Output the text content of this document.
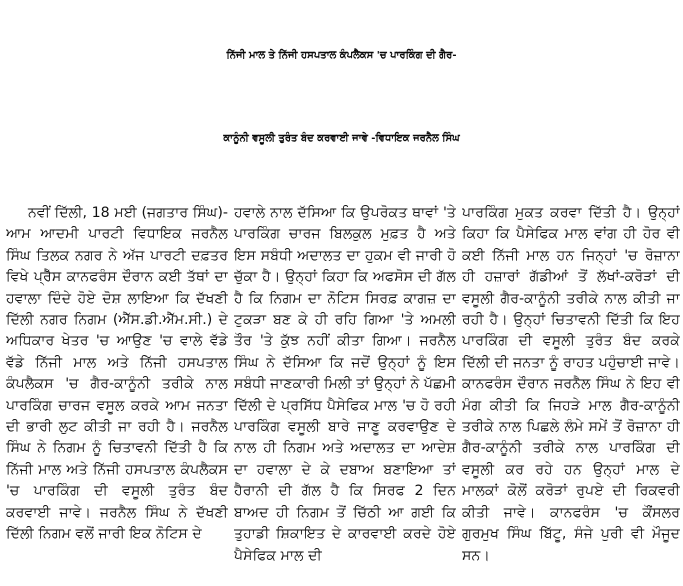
ਨਿੱਜੀ ਮਾਲ ਤੇ ਨਿੱਜੀ ਹਸਪਤਾਲ ਕੰਪਲੈਕਸ 'ਚ ਪਾਰਕਿੰਗ ਦੀ ਗੈਰ-
ਕਾਨੂੰਨੀ ਵਸੂਲੀ ਤੁਰੰਤ ਬੰਦ ਕਰਵਾਈ ਜਾਵੇ -ਵਿਧਾਇਕ ਜਰਨੈਲ ਸਿੰਘ

ਨਵੀਂ ਦਿੱਲੀ, 18 ਮਈ (ਜਗਤਾਰ ਸਿੰਘ)- ਆਮ ਆਦਮੀ ਪਾਰਟੀ ਵਿਧਾਇਕ ਜਰਨੈਲ ਸਿੰਘ ਤਿਲਕ ਨਗਰ ਨੇ ਅੱਜ ਪਾਰਟੀ ਦਫ਼ਤਰ ਵਿਖੇ ਪ੍ਰੈੱਸ ਕਾਨਫਰੰਸ ਦੌਰਾਨ ਕਈ ਤੱਥਾਂ ਦਾ ਹਵਾਲਾ ਦਿੰਦੇ ਹੋਏ ਦੋਸ਼ ਲਾਇਆ ਕਿ ਦੱਖਣੀ ਦਿੱਲੀ ਨਗਰ ਨਿਗਮ (ਐੱਸ.ਡੀ.ਐੱਮ.ਸੀ.) ਦੇ ਅਧਿਕਾਰ ਖੇਤਰ 'ਚ ਆਉਣ 'ਚ ਵਾਲੇ ਵੱਡੇ ਵੱਡੇ ਨਿੱਜੀ ਮਾਲ ਅਤੇ ਨਿੱਜੀ ਹਸਪਤਾਲ ਕੰਪਲੈਕਸ 'ਚ ਗੈਰ-ਕਾਨੂੰਨੀ ਤਰੀਕੇ ਨਾਲ ਪਾਰਕਿੰਗ ਚਾਰਜ ਵਸੂਲ ਕਰਕੇ ਆਮ ਜਨਤਾ ਦੀ ਭਾਰੀ ਲੁਟ ਕੀਤੀ ਜਾ ਰਹੀ ਹੈ। ਜਰਨੈਲ ਸਿੰਘ ਨੇ ਨਿਗਮ ਨੂੰ ਚਿਤਾਵਨੀ ਦਿੱਤੀ ਹੈ ਕਿ ਨਿੱਜੀ ਮਾਲ ਅਤੇ ਨਿੱਜੀ ਹਸਪਤਾਲ ਕੰਪਲੈਕਸ 'ਚ ਪਾਰਕਿੰਗ ਦੀ ਵਸੂਲੀ ਤੁਰੰਤ ਬੰਦ ਕਰਵਾਈ ਜਾਵੇ। ਜਰਨੈਲ ਸਿੰਘ ਨੇ ਦੱਖਣੀ ਦਿੱਲੀ ਨਿਗਮ ਵਲੋਂ ਜਾਰੀ ਇਕ ਨੋਟਿਸ ਦੇ

ਹਵਾਲੇ ਨਾਲ ਦੱਸਿਆ ਕਿ ਉਪਰੋਕਤ ਥਾਵਾਂ 'ਤੇ ਪਾਰਕਿੰਗ ਚਾਰਜ ਬਿਲਕੁਲ ਮੁਫ਼ਤ ਹੈ ਅਤੇ ਇਸ ਸਬੰਧੀ ਅਦਾਲਤ ਦਾ ਹੁਕਮ ਵੀ ਜਾਰੀ ਹੋ ਚੁੱਕਾ ਹੈ। ਉਨ੍ਹਾਂ ਕਿਹਾ ਕਿ ਅਫਸੋਸ ਦੀ ਗੱਲ ਹੈ ਕਿ ਨਿਗਮ ਦਾ ਨੋਟਿਸ ਸਿਰਫ਼ ਕਾਗਜ਼ ਦਾ ਟੁਕੜਾ ਬਣ ਕੇ ਹੀ ਰਹਿ ਗਿਆ 'ਤੇ ਅਮਲੀ ਤੌਰ 'ਤੇ ਕੁੱਝ ਨਹੀਂ ਕੀਤਾ ਗਿਆ। ਜਰਨੈਲ ਸਿੰਘ ਨੇ ਦੱਸਿਆ ਕਿ ਜਦੋਂ ਉਨ੍ਹਾਂ ਨੂੰ ਇਸ ਸਬੰਧੀ ਜਾਣਕਾਰੀ ਮਿਲੀ ਤਾਂ ਉਨ੍ਹਾਂ ਨੇ ਪੱਛਮੀ ਦਿੱਲੀ ਦੇ ਪ੍ਰਸਿੱਧ ਪੈਸੇਫਿਕ ਮਾਲ 'ਚ ਹੋ ਰਹੀ ਪਾਰਕਿੰਗ ਵਸੂਲੀ ਬਾਰੇ ਜਾਣੂ ਕਰਵਾਉਣ ਦੇ ਨਾਲ ਹੀ ਨਿਗਮ ਅਤੇ ਅਦਾਲਤ ਦਾ ਆਦੇਸ਼ ਦਾ ਹਵਾਲਾ ਦੇ ਕੇ ਦਬਾਅ ਬਣਾਇਆ ਤਾਂ ਹੈਰਾਨੀ ਦੀ ਗੱਲ ਹੈ ਕਿ ਸਿਰਫ 2 ਦਿਨ ਬਾਅਦ ਹੀ ਨਿਗਮ ਤੋਂ ਚਿੱਠੀ ਆ ਗਈ ਕਿ ਤੁਹਾਡੀ ਸ਼ਿਕਾਇਤ ਦੇ ਕਾਰਵਾਈ ਕਰਦੇ ਹੋਏ ਪੈਸੇਫਿਕ ਮਾਲ ਦੀ

ਪਾਰਕਿੰਗ ਮੁਕਤ ਕਰਵਾ ਦਿੱਤੀ ਹੈ। ਉਨ੍ਹਾਂ ਕਿਹਾ ਕਿ ਪੈਸੇਫਿਕ ਮਾਲ ਵਾਂਗ ਹੀ ਹੋਰ ਵੀ ਕਈ ਨਿੱਜੀ ਮਾਲ ਹਨ ਜਿਨ੍ਹਾਂ 'ਚ ਰੋਜ਼ਾਨਾ ਹੀ ਹਜ਼ਾਰਾਂ ਗੱਡੀਆਂ ਤੋਂ ਲੱਖਾਂ-ਕਰੋੜਾਂ ਦੀ ਵਸੂਲੀ ਗੈਰ-ਕਾਨੂੰਨੀ ਤਰੀਕੇ ਨਾਲ ਕੀਤੀ ਜਾ ਰਹੀ ਹੈ। ਉਨ੍ਹਾਂ ਚਿਤਾਵਨੀ ਦਿੱਤੀ ਕਿ ਇਹ ਪਾਰਕਿੰਗ ਦੀ ਵਸੂਲੀ ਤੁਰੰਤ ਬੰਦ ਕਰਕੇ ਦਿੱਲੀ ਦੀ ਜਨਤਾ ਨੂੰ ਰਾਹਤ ਪਹੁੰਚਾਈ ਜਾਵੇ। ਕਾਨਫਰੰਸ ਦੌਰਾਨ ਜਰਨੈਲ ਸਿੰਘ ਨੇ ਇਹ ਵੀ ਮੰਗ ਕੀਤੀ ਕਿ ਜਿਹੜੇ ਮਾਲ ਗੈਰ-ਕਾਨੂੰਨੀ ਤਰੀਕੇ ਨਾਲ ਪਿਛਲੇ ਲੰਮੇ ਸਮੇਂ ਤੋਂ ਰੋਜ਼ਾਨਾ ਹੀ ਗੈਰ-ਕਾਨੂੰਨੀ ਤਰੀਕੇ ਨਾਲ ਪਾਰਕਿੰਗ ਦੀ ਵਸੂਲੀ ਕਰ ਰਹੇ ਹਨ ਉਨ੍ਹਾਂ ਮਾਲ ਦੇ ਮਾਲਕਾਂ ਕੋਲੋਂ ਕਰੋੜਾਂ ਰੁਪਏ ਦੀ ਰਿਕਵਰੀ ਕੀਤੀ ਜਾਵੇ। ਕਾਨਫਰੰਸ 'ਚ ਕੌਂਸਲਰ ਗੁਰਮੁਖ ਸਿੰਘ ਬਿੱਟੂ, ਸੰਜੇ ਪੁਰੀ ਵੀ ਮੌਜੂਦ ਸਨ।
